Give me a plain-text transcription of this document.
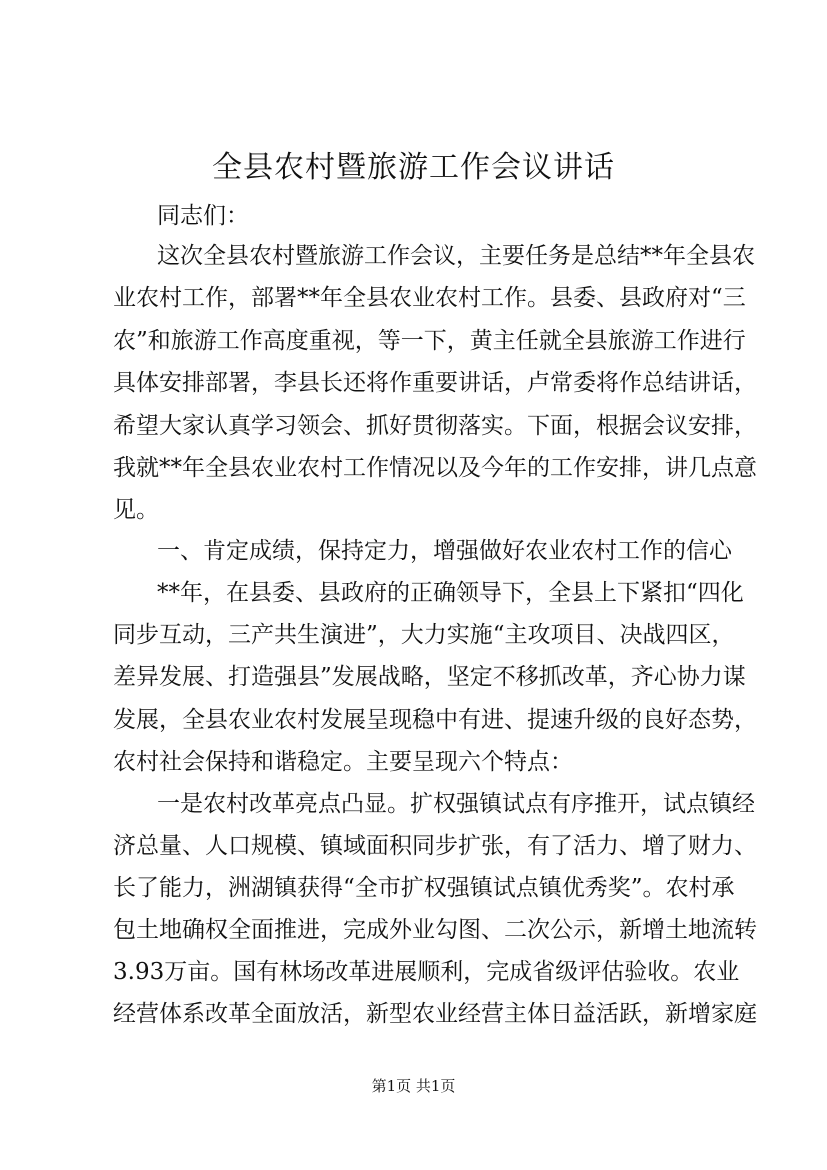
全县农村暨旅游工作会议讲话

同志们：

这次全县农村暨旅游工作会议，主要任务是总结**年全县农

业农村工作，部署**年全县农业农村工作。县委、县政府对“三

农”和旅游工作高度重视，等一下，黄主任就全县旅游工作进行

具体安排部署，李县长还将作重要讲话，卢常委将作总结讲话，

希望大家认真学习领会、抓好贯彻落实。下面，根据会议安排，

我就**年全县农业农村工作情况以及今年的工作安排，讲几点意

见。

一、肯定成绩，保持定力，增强做好农业农村工作的信心

**年，在县委、县政府的正确领导下，全县上下紧扣“四化

同步互动，三产共生演进”，大力实施“主攻项目、决战四区，

差异发展、打造强县”发展战略，坚定不移抓改革，齐心协力谋

发展，全县农业农村发展呈现稳中有进、提速升级的良好态势，

农村社会保持和谐稳定。主要呈现六个特点：

一是农村改革亮点凸显。扩权强镇试点有序推开，试点镇经

济总量、人口规模、镇域面积同步扩张，有了活力、增了财力、

长了能力，洲湖镇获得“全市扩权强镇试点镇优秀奖”。农村承

包土地确权全面推进，完成外业勾图、二次公示，新增土地流转

3.93万亩。国有林场改革进展顺利，完成省级评估验收。农业

经营体系改革全面放活，新型农业经营主体日益活跃，新增家庭

第1页 共1页
